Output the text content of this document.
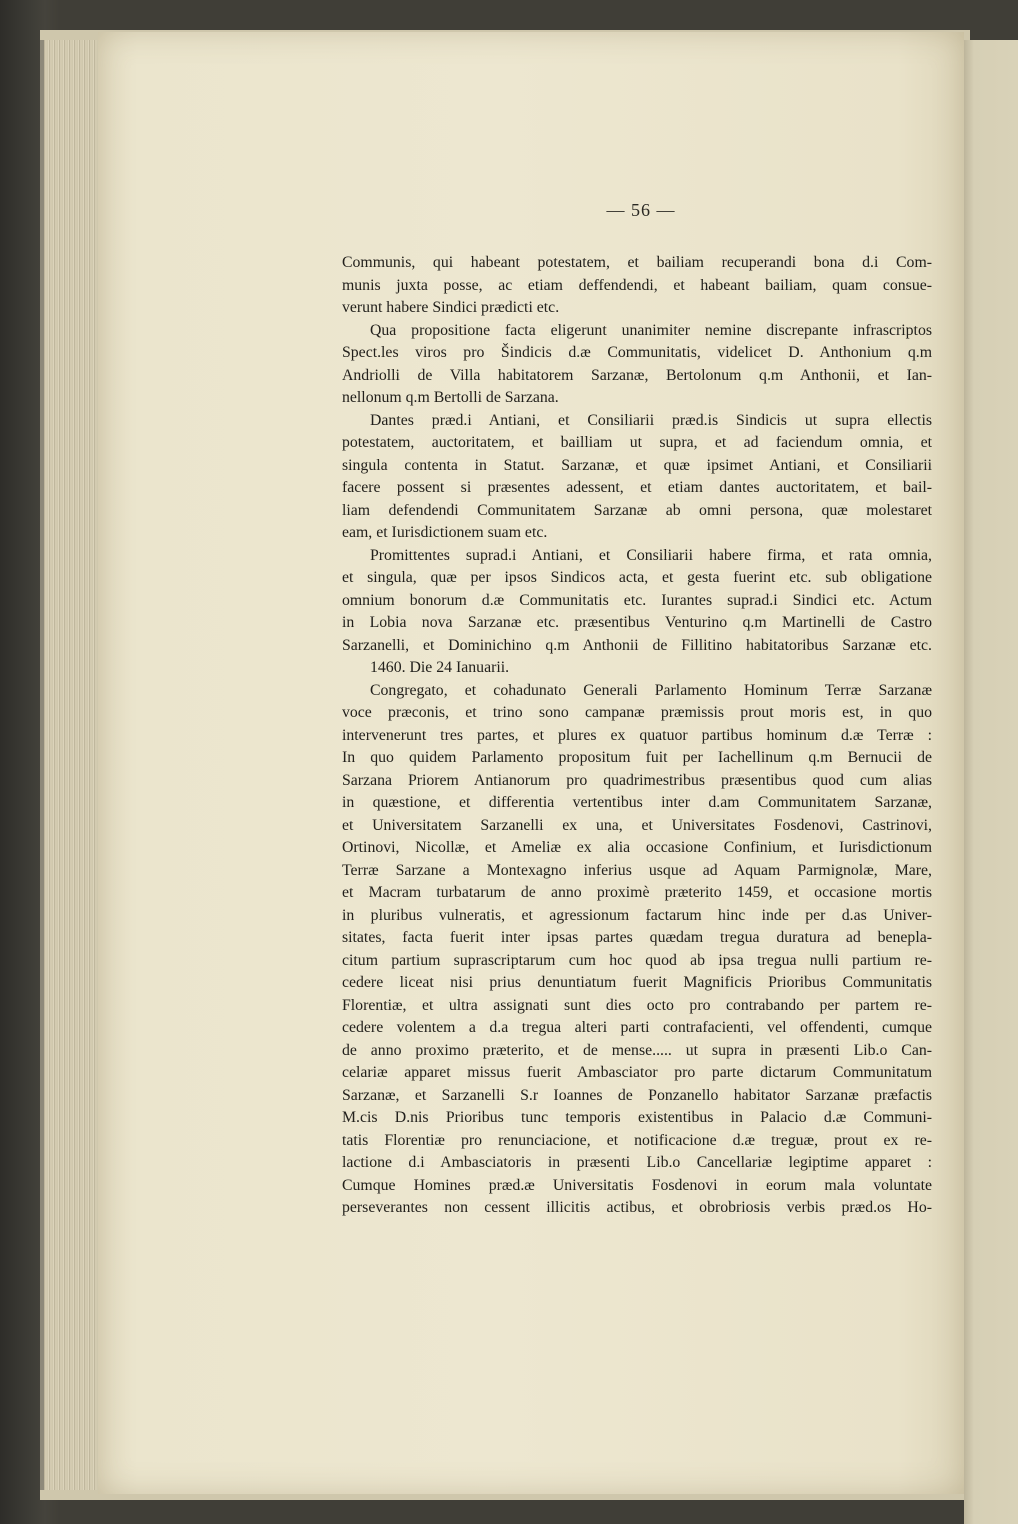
— 56 —

Communis, qui habeant potestatem, et bailiam recuperandi bona d.i Com-

munis juxta posse, ac etiam deffendendi, et habeant bailiam, quam consue-

verunt habere Sindici prædicti etc.

Qua propositione facta eligerunt unanimiter nemine discrepante infrascriptos

Spect.les viros pro Šindicis d.æ Communitatis, videlicet D. Anthonium q.m

Andriolli de Villa habitatorem Sarzanæ, Bertolonum q.m Anthonii, et Ian-

nellonum q.m Bertolli de Sarzana.

Dantes præd.i Antiani, et Consiliarii præd.is Sindicis ut supra ellectis

potestatem, auctoritatem, et bailliam ut supra, et ad faciendum omnia, et

singula contenta in Statut. Sarzanæ, et quæ ipsimet Antiani, et Consiliarii

facere possent si præsentes adessent, et etiam dantes auctoritatem, et bail-

liam defendendi Communitatem Sarzanæ ab omni persona, quæ molestaret

eam, et Iurisdictionem suam etc.

Promittentes suprad.i Antiani, et Consiliarii habere firma, et rata omnia,

et singula, quæ per ipsos Sindicos acta, et gesta fuerint etc. sub obligatione

omnium bonorum d.æ Communitatis etc. Iurantes suprad.i Sindici etc. Actum

in Lobia nova Sarzanæ etc. præsentibus Venturino q.m Martinelli de Castro

Sarzanelli, et Dominichino q.m Anthonii de Fillitino habitatoribus Sarzanæ etc.

1460. Die 24 Ianuarii.

Congregato, et cohadunato Generali Parlamento Hominum Terræ Sarzanæ

voce præconis, et trino sono campanæ præmissis prout moris est, in quo

intervenerunt tres partes, et plures ex quatuor partibus hominum d.æ Terræ :

In quo quidem Parlamento propositum fuit per Iachellinum q.m Bernucii de

Sarzana Priorem Antianorum pro quadrimestribus præsentibus quod cum alias

in quæstione, et differentia vertentibus inter d.am Communitatem Sarzanæ,

et Universitatem Sarzanelli ex una, et Universitates Fosdenovi, Castrinovi,

Ortinovi, Nicollæ, et Ameliæ ex alia occasione Confinium, et Iurisdictionum

Terræ Sarzane a Montexagno inferius usque ad Aquam Parmignolæ, Mare,

et Macram turbatarum de anno proximè præterito 1459, et occasione mortis

in pluribus vulneratis, et agressionum factarum hinc inde per d.as Univer-

sitates, facta fuerit inter ipsas partes quædam tregua duratura ad benepla-

citum partium suprascriptarum cum hoc quod ab ipsa tregua nulli partium re-

cedere liceat nisi prius denuntiatum fuerit Magnificis Prioribus Communitatis

Florentiæ, et ultra assignati sunt dies octo pro contrabando per partem re-

cedere volentem a d.a tregua alteri parti contrafacienti, vel offendenti, cumque

de anno proximo præterito, et de mense..... ut supra in præsenti Lib.o Can-

celariæ apparet missus fuerit Ambasciator pro parte dictarum Communitatum

Sarzanæ, et Sarzanelli S.r Ioannes de Ponzanello habitator Sarzanæ præfactis

M.cis D.nis Prioribus tunc temporis existentibus in Palacio d.æ Communi-

tatis Florentiæ pro renunciacione, et notificacione d.æ treguæ, prout ex re-

lactione d.i Ambasciatoris in præsenti Lib.o Cancellariæ legiptime apparet :

Cumque Homines præd.æ Universitatis Fosdenovi in eorum mala voluntate

perseverantes non cessent illicitis actibus, et obrobriosis verbis præd.os Ho-
